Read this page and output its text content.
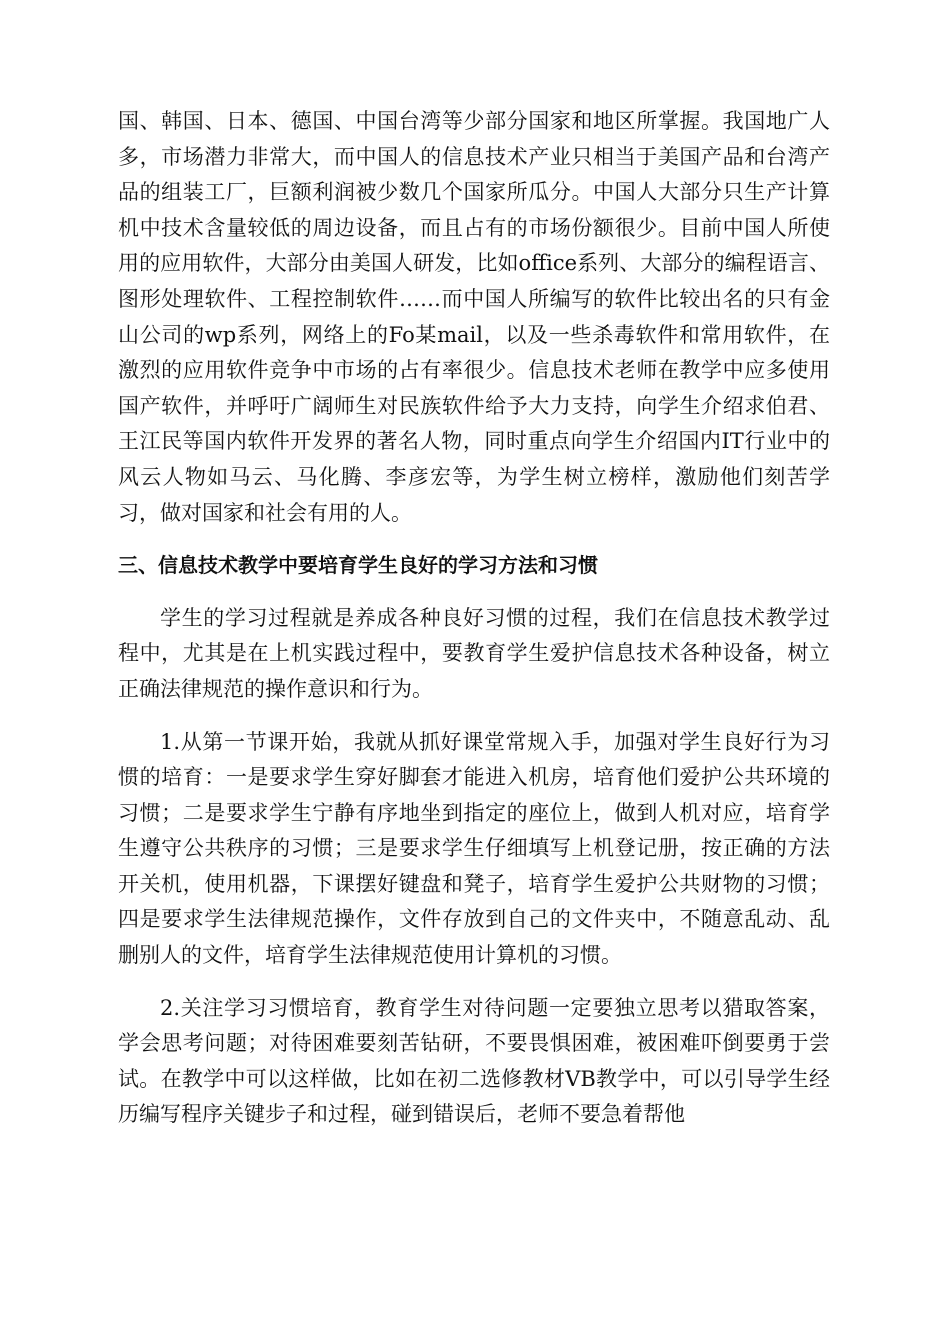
国、韩国、日本、德国、中国台湾等少部分国家和地区所掌握。我国地广人多，市场潜力非常大，而中国人的信息技术产业只相当于美国产品和台湾产品的组装工厂，巨额利润被少数几个国家所瓜分。中国人大部分只生产计算机中技术含量较低的周边设备，而且占有的市场份额很少。目前中国人所使用的应用软件，大部分由美国人研发，比如office系列、大部分的编程语言、图形处理软件、工程控制软件……而中国人所编写的软件比较出名的只有金山公司的wp系列，网络上的Fo某mail，以及一些杀毒软件和常用软件，在激烈的应用软件竞争中市场的占有率很少。信息技术老师在教学中应多使用国产软件，并呼吁广阔师生对民族软件给予大力支持，向学生介绍求伯君、王江民等国内软件开发界的著名人物，同时重点向学生介绍国内IT行业中的风云人物如马云、马化腾、李彦宏等，为学生树立榜样，激励他们刻苦学习，做对国家和社会有用的人。

三、信息技术教学中要培育学生良好的学习方法和习惯

学生的学习过程就是养成各种良好习惯的过程，我们在信息技术教学过程中，尤其是在上机实践过程中，要教育学生爱护信息技术各种设备，树立正确法律规范的操作意识和行为。

1.从第一节课开始，我就从抓好课堂常规入手，加强对学生良好行为习惯的培育：一是要求学生穿好脚套才能进入机房，培育他们爱护公共环境的习惯；二是要求学生宁静有序地坐到指定的座位上，做到人机对应，培育学生遵守公共秩序的习惯；三是要求学生仔细填写上机登记册，按正确的方法开关机，使用机器，下课摆好键盘和凳子，培育学生爱护公共财物的习惯；四是要求学生法律规范操作，文件存放到自己的文件夹中，不随意乱动、乱删别人的文件，培育学生法律规范使用计算机的习惯。

2.关注学习习惯培育，教育学生对待问题一定要独立思考以猎取答案，学会思考问题；对待困难要刻苦钻研，不要畏惧困难，被困难吓倒要勇于尝试。在教学中可以这样做，比如在初二选修教材VB教学中，可以引导学生经历编写程序关键步子和过程，碰到错误后，老师不要急着帮他
